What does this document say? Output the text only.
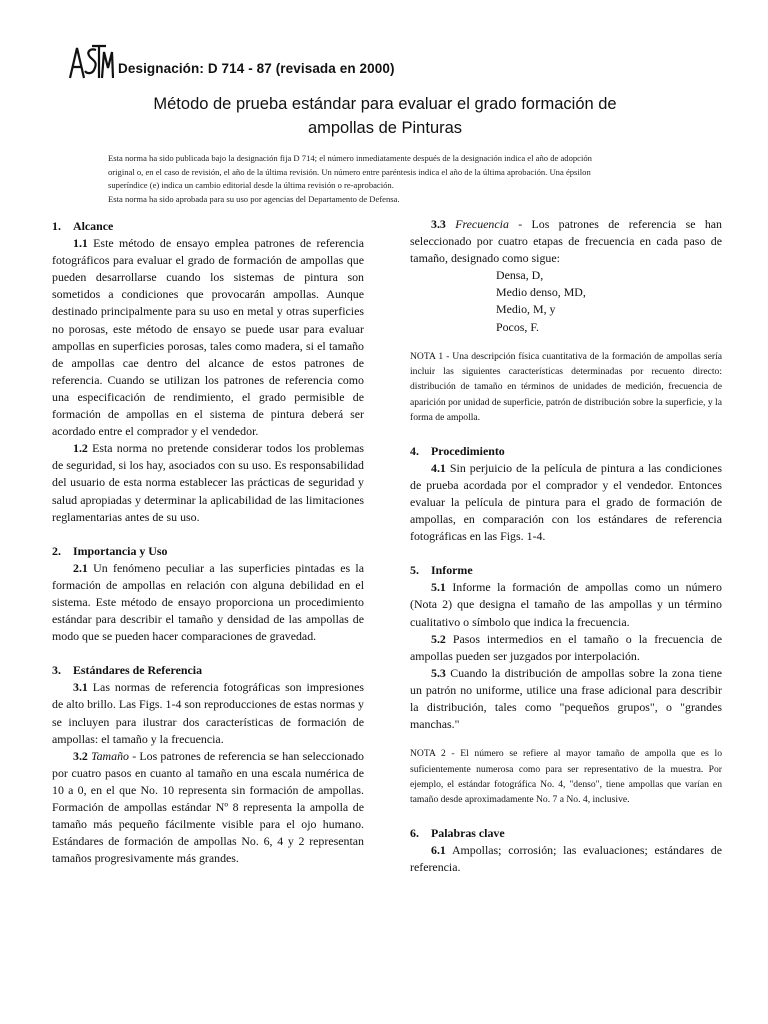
Designación: D 714 - 87 (revisada en 2000)
Método de prueba estándar para evaluar el grado formación de
ampollas de Pinturas

Esta norma ha sido publicada bajo la designación fija D 714; el número inmediatamente después de la designación indica el año de adopción

original o, en el caso de revisión, el año de la última revisión. Un número entre paréntesis indica el año de la última aprobación. Una épsilon

superíndice (e) indica un cambio editorial desde la última revisión o re-aprobación.

Esta norma ha sido aprobada para su uso por agencias del Departamento de Defensa.

1.	Alcance

1.1 Este método de ensayo emplea patrones de referencia fotográficos para evaluar el grado de formación de ampollas que pueden desarrollarse cuando los sistemas de pintura son sometidos a condiciones que provocarán ampollas. Aunque destinado principalmente para su uso en metal y otras superficies no porosas, este método de ensayo se puede usar para evaluar ampollas en superficies porosas, tales como madera, si el tamaño de ampollas cae dentro del alcance de estos patrones de referencia. Cuando se utilizan los patrones de referencia como una especificación de rendimiento, el grado permisible de formación de ampollas en el sistema de pintura deberá ser acordado entre el comprador y el vendedor.

1.2 Esta norma no pretende considerar todos los problemas de seguridad, si los hay, asociados con su uso. Es responsabilidad del usuario de esta norma establecer las prácticas de seguridad y salud apropiadas y determinar la aplicabilidad de las limitaciones reglamentarias antes de su uso.

2.	Importancia y Uso

2.1 Un fenómeno peculiar a las superficies pintadas es la formación de ampollas en relación con alguna debilidad en el sistema. Este método de ensayo proporciona un procedimiento estándar para describir el tamaño y densidad de las ampollas de modo que se pueden hacer comparaciones de gravedad.

3.	Estándares de Referencia

3.1 Las normas de referencia fotográficas son impresiones de alto brillo. Las Figs. 1-4 son reproducciones de estas normas y se incluyen para ilustrar dos características de formación de ampollas: el tamaño y la frecuencia.

3.2 Tamaño - Los patrones de referencia se han seleccionado por cuatro pasos en cuanto al tamaño en una escala numérica de 10 a 0, en el que No. 10 representa sin formación de ampollas. Formación de ampollas estándar Nº 8 representa la ampolla de tamaño más pequeño fácilmente visible para el ojo humano. Estándares de formación de ampollas No. 6, 4 y 2 representan tamaños progresivamente más grandes.

3.3 Frecuencia - Los patrones de referencia se han seleccionado por cuatro etapas de frecuencia en cada paso de tamaño, designado como sigue:

Densa, D,
Medio denso, MD,
Medio, M, y
Pocos, F.

NOTA 1 - Una descripción física cuantitativa de la formación de ampollas sería incluir las siguientes características determinadas por recuento directo: distribución de tamaño en términos de unidades de medición, frecuencia de aparición por unidad de superficie, patrón de distribución sobre la superficie, y la forma de ampolla.

4.	Procedimiento

4.1 Sin perjuicio de la película de pintura a las condiciones de prueba acordada por el comprador y el vendedor. Entonces evaluar la película de pintura para el grado de formación de ampollas, en comparación con los estándares de referencia fotográficas en las Figs. 1-4.

5.	Informe

5.1 Informe la formación de ampollas como un número (Nota 2) que designa el tamaño de las ampollas y un término cualitativo o símbolo que indica la frecuencia.

5.2 Pasos intermedios en el tamaño o la frecuencia de ampollas pueden ser juzgados por interpolación.

5.3 Cuando la distribución de ampollas sobre la zona tiene un patrón no uniforme, utilice una frase adicional para describir la distribución, tales como "pequeños grupos", o "grandes manchas."

NOTA 2 - El número se refiere al mayor tamaño de ampolla que es lo suficientemente numerosa como para ser representativo de la muestra. Por ejemplo, el estándar fotográfica No. 4, "denso", tiene ampollas que varían en tamaño desde aproximadamente No. 7 a No. 4, inclusive.

6.	Palabras clave

6.1 Ampollas; corrosión; las evaluaciones; estándares de referencia.
